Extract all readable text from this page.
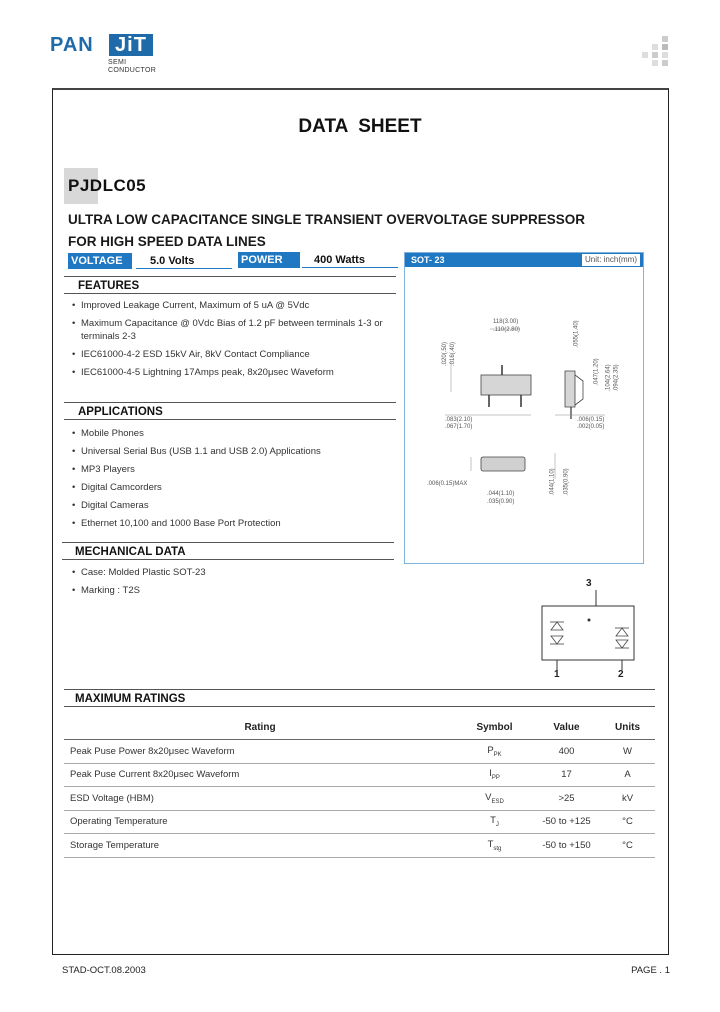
PAN	JiT
SEMI
CONDUCTOR
DATA  SHEET
PJDLC05
ULTRA LOW CAPACITANCE SINGLE TRANSIENT OVERVOLTAGE SUPPRESSOR
FOR HIGH SPEED DATA LINES
VOLTAGE	5.0 Volts	POWER	400 Watts
FEATURES
• Improved Leakage Current, Maximum of 5 uA @ 5Vdc
• Maximum Capacitance @ 0Vdc Bias of 1.2 pF between terminals 1-3 or terminals 2-3
• IEC61000-4-2 ESD 15kV Air, 8kV Contact Compliance
• IEC61000-4-5 Lightning 17Amps peak, 8x20μsec Waveform
APPLICATIONS
• Mobile Phones
• Universal Serial Bus (USB 1.1 and USB 2.0) Applications
• MP3 Players
• Digital Camcorders
• Digital Cameras
• Ethernet 10,100 and 1000 Base Port Protection
MECHANICAL DATA
• Case: Molded Plastic SOT-23
• Marking : T2S
SOT- 23	Unit: inch(mm)
118(3.00)
.110(2.80)
.020(.50) .016(.40)
.055(1.40)
.047(1.20) .104(2.64) .094(2.35)
.083(2.10)
.067(1.70)
.006(0.15)
.002(0.05)
.006(0.15)MAX
.044(1.10)
.035(0.90)
.044(1.10) .035(0.90)
3
1	2
MAXIMUM RATINGS
Rating	Symbol	Value	Units
Peak Puse Power 8x20μsec Waveform	$P_{PK}$	400	W
Peak Puse Current 8x20μsec Waveform	$I_{PP}$	17	A
ESD Voltage (HBM)	$V_{ESD}$	>25	kV
Operating Temperature	$T_J$	-50 to +125	°C
Storage Temperature	$T_{stg}$	-50 to +150	°C
STAD-OCT.08.2003	PAGE . 1
